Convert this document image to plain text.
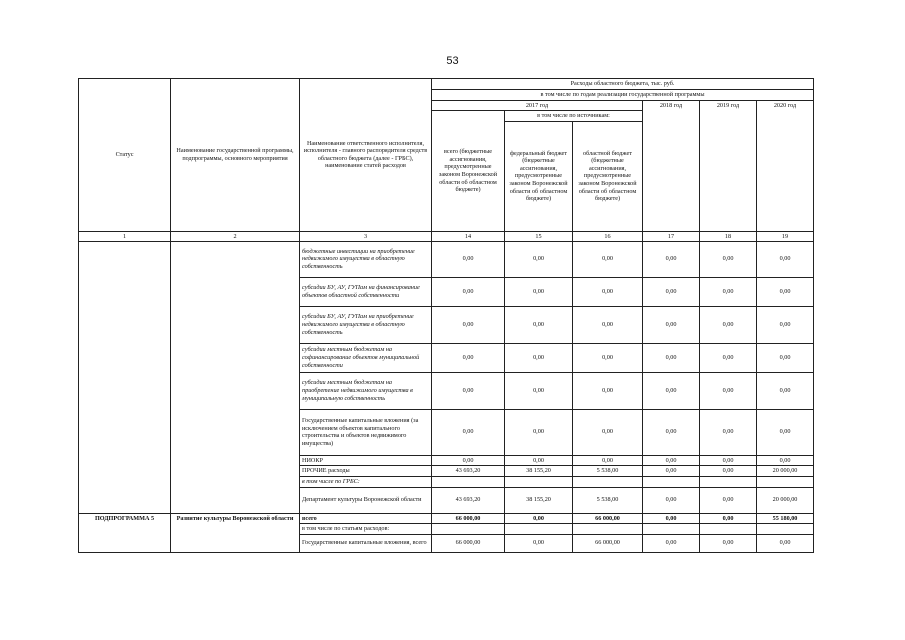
53
Статус	Наименование государственной программы, подпрограммы, основного мероприятия	Наименование ответственного исполнителя, исполнителя - главного распорядителя средств областного бюджета (далее - ГРБС), наименование статей расходов	Расходы областного бюджета, тыс. руб.					
			в том числе по годам реализации государственной программы					
			2017 год			2018 год	2019 год	2020 год
			всего (бюджетные ассигнования, предусмотренные законом Воронежской области об областном бюджете)	в том числе по источникам:				
				федеральный бюджет (бюджетные ассигнования, предусмотренные законом Воронежской области об областном бюджете)	областной бюджет (бюджетные ассигнования, предусмотренные законом Воронежской области об областном бюджете)			
1	2	3	14	15	16	17	18	19
		бюджетные инвестиции на приобретение недвижимого имущества в областную собственность	0,00	0,00	0,00	0,00	0,00	0,00
		субсидии БУ, АУ, ГУПам на финансирование объектов областной собственности	0,00	0,00	0,00	0,00	0,00	0,00
		субсидии БУ, АУ, ГУПам на приобретение недвижимого имущества в областную собственность	0,00	0,00	0,00	0,00	0,00	0,00
		субсидии местным бюджетам на софинансирование объектов муниципальной собственности	0,00	0,00	0,00	0,00	0,00	0,00
		субсидии местным бюджетам на приобретение недвижимого имущества в муниципальную собственность	0,00	0,00	0,00	0,00	0,00	0,00
		Государственные капитальные вложения (за исключением объектов капитального строительства и объектов недвижимого имущества)	0,00	0,00	0,00	0,00	0,00	0,00
		НИОКР	0,00	0,00	0,00	0,00	0,00	0,00
		ПРОЧИЕ расходы	43 693,20	38 155,20	5 538,00	0,00	0,00	20 000,00
		в том числе по ГРБС:						
		Департамент культуры Воронежской области	43 693,20	38 155,20	5 538,00	0,00	0,00	20 000,00
ПОДПРОГРАММА 5	Развитие культуры Воронежской области	всего	66 000,00	0,00	66 000,00	0,00	0,00	55 180,00
		в том числе по статьям расходов:						
		Государственные капитальные вложения, всего	66 000,00	0,00	66 000,00	0,00	0,00	0,00
